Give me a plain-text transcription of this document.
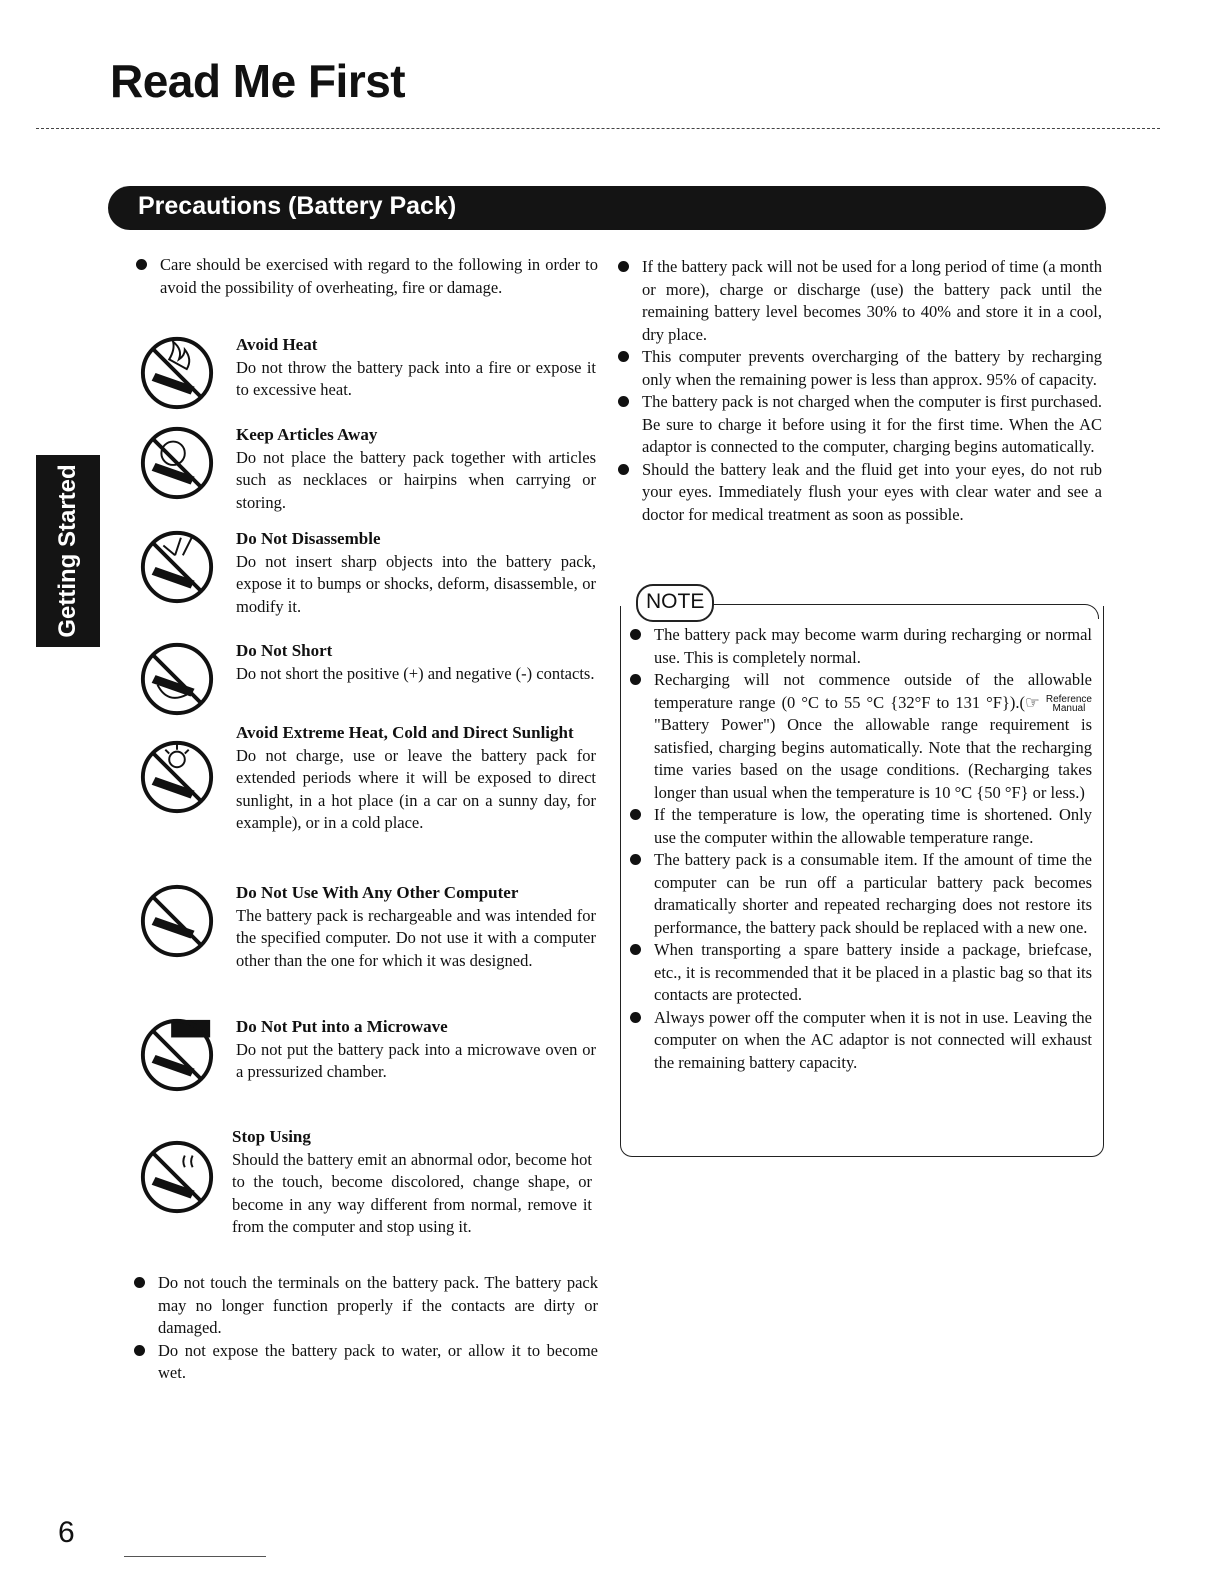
Read Me First
Precautions (Battery Pack)
Getting Started
Care should be exercised with regard to the following in order to avoid the possibility of overheating, fire or damage.
Avoid Heat
Do not throw the battery pack into a fire or expose it to excessive heat.
Keep Articles Away
Do not place the battery pack together with articles such as necklaces or hairpins when carrying or storing.
Do Not Disassemble
Do not insert sharp objects into the battery pack, expose it to bumps or shocks, deform, disassemble, or modify it.
Do Not Short
Do not short the positive (+) and negative (-) contacts.
Avoid Extreme Heat, Cold and Direct Sunlight
Do not charge, use or leave the battery pack for extended periods where it will be exposed to direct sunlight, in a hot place (in a car on a sunny day, for example), or in a cold place.
Do Not Use With Any Other Computer
The battery pack is rechargeable and was intended for the specified computer. Do not use it with a computer other than the one for which it was designed.
Do Not Put into a Microwave
Do not put the battery pack into a microwave oven or a pressurized chamber.
Stop Using
Should the battery emit an abnormal odor, become hot to the touch, become discolored, change shape, or become in any way different from normal, remove it from the computer and stop using it.
Do not touch the terminals on the battery pack. The battery pack may no longer function properly if the contacts are dirty or damaged.
Do not expose the battery pack to water, or allow it to become wet.
If the battery pack will not be used for a long period of time (a month or more), charge or discharge (use) the battery pack until the remaining battery level becomes 30% to 40% and store it in a cool, dry place.
This computer prevents overcharging of the battery by recharging only when the remaining power is less than approx. 95% of capacity.
The battery pack is not charged when the computer is first purchased. Be sure to charge it before using it for the first time. When the AC adaptor is connected to the computer, charging begins automatically.
Should the battery leak and the fluid get into your eyes, do not rub your eyes. Immediately flush your eyes with clear water and see a doctor for medical treatment as soon as possible.
NOTE
The battery pack may become warm during recharging or normal use. This is completely normal.
Recharging will not commence outside of the allowable temperature range (0 °C to 55 °C {32°F to 131 °F}).(☞ Reference
Manual "Battery Power") Once the allowable range requirement is satisfied, charging begins automatically. Note that the recharging time varies based on the usage conditions. (Recharging takes longer than usual when the temperature is 10 °C {50 °F} or less.)
If the temperature is low, the operating time is shortened. Only use the computer within the allowable temperature range.
The battery pack is a consumable item. If the amount of time the computer can be run off a particular battery pack becomes dramatically shorter and repeated recharging does not restore its performance, the battery pack should be replaced with a new one.
When transporting a spare battery inside a package, briefcase, etc., it is recommended that it be placed in a plastic bag so that its contacts are protected.
Always power off the computer when it is not in use. Leaving the computer on when the AC adaptor is not connected will exhaust the remaining battery capacity.
6
